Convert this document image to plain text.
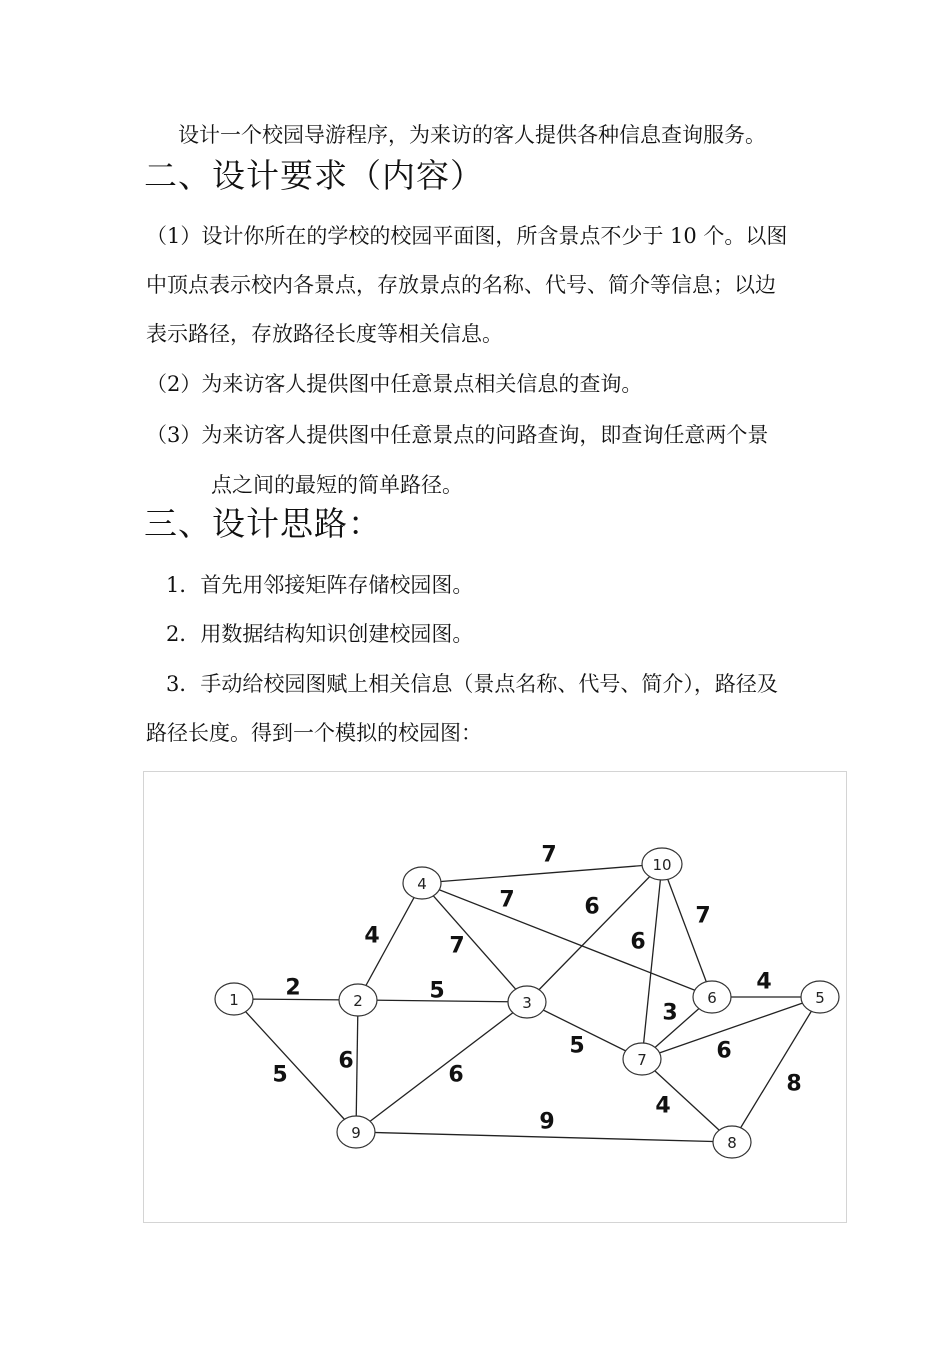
设计一个校园导游程序，为来访的客人提供各种信息查询服务。
二、设计要求（内容）
（1）设计你所在的学校的校园平面图，所含景点不少于 10 个。以图
中顶点表示校内各景点，存放景点的名称、代号、简介等信息；以边
表示路径，存放路径长度等相关信息。
（2）为来访客人提供图中任意景点相关信息的查询。
（3）为来访客人提供图中任意景点的问路查询，即查询任意两个景
点之间的最短的简单路径。
三、设计思路：
1．首先用邻接矩阵存储校园图。
2．用数据结构知识创建校园图。
3．手动给校园图赋上相关信息（景点名称、代号、简介），路径及
路径长度。得到一个模拟的校园图：
2
5
4
5
6
7
7
7
6
6
7
6
5
4
3
6
8
4
9
1	2	3
4
5
6
7
8
9
10
